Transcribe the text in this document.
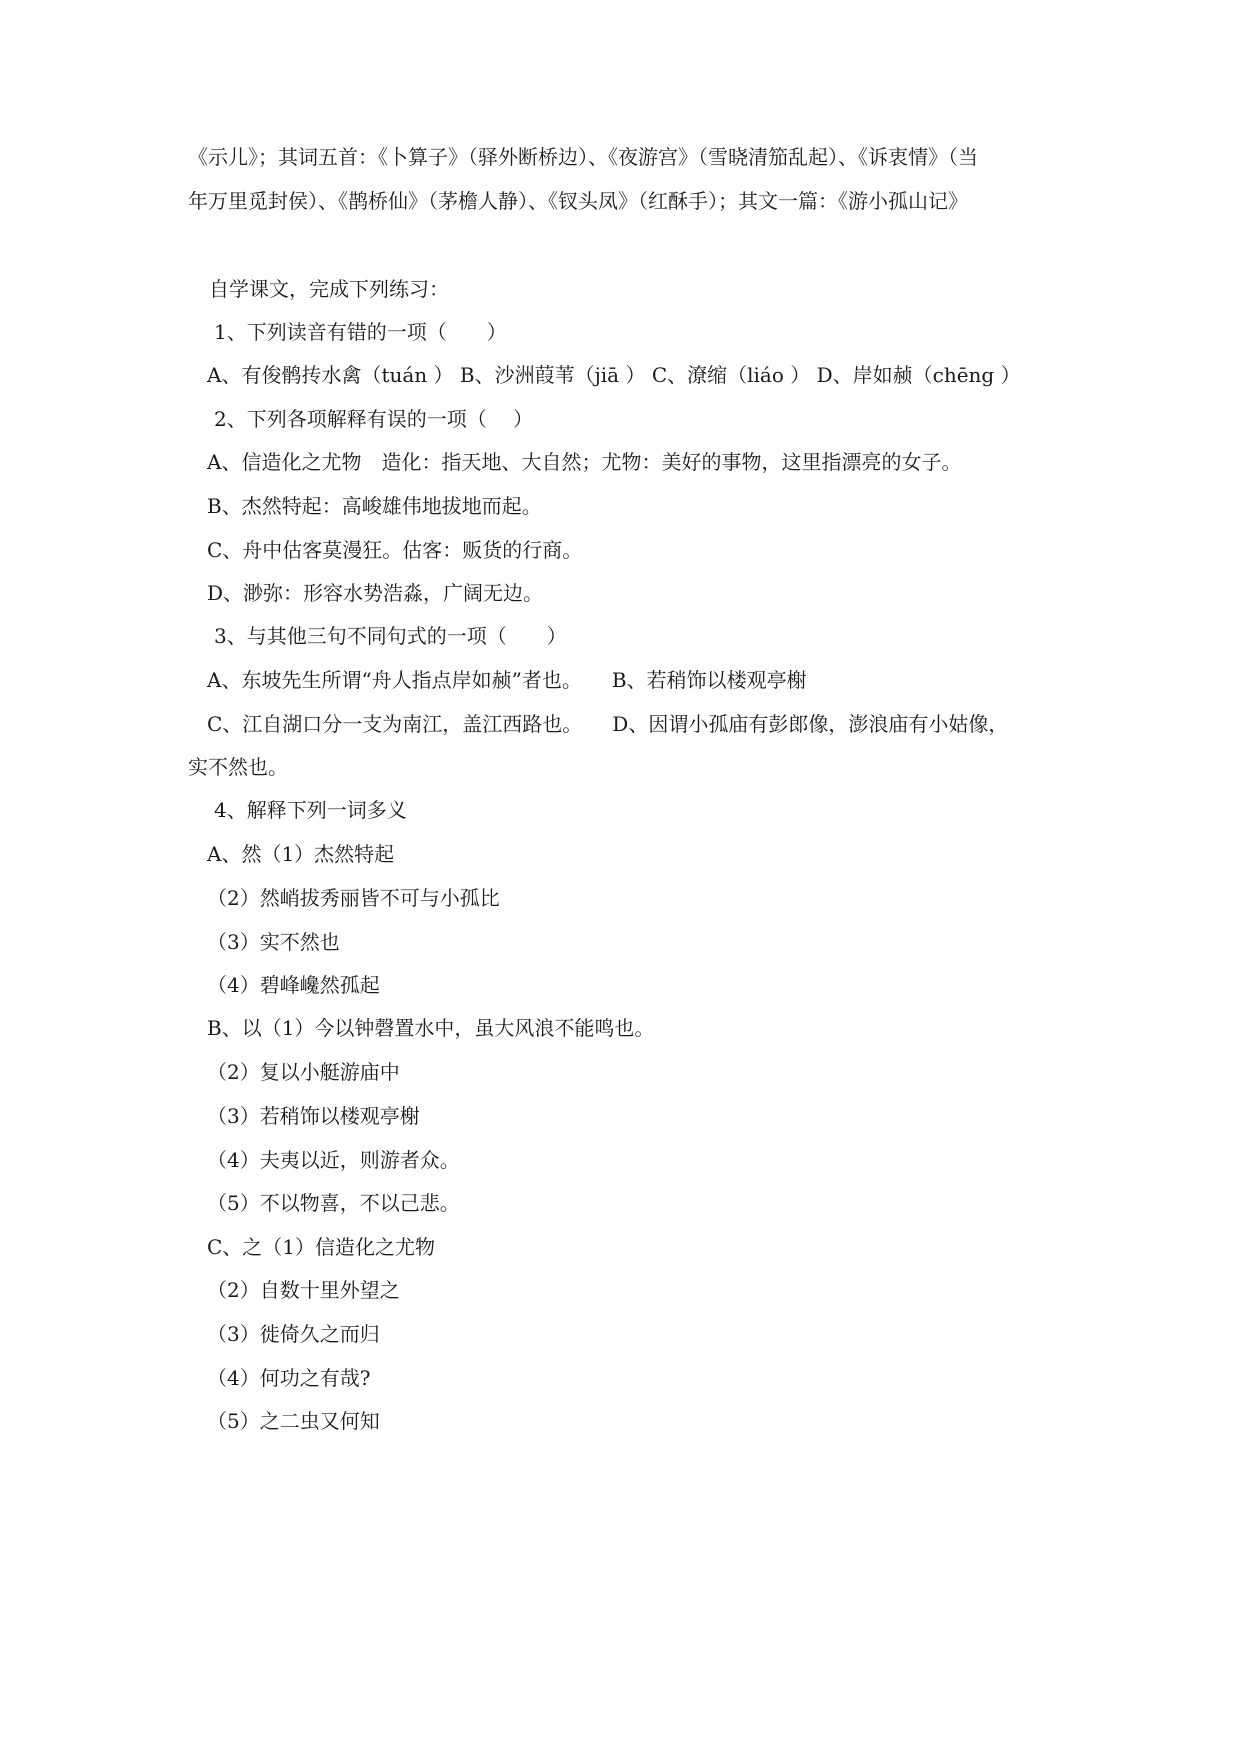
《示儿》；其词五首：《卜算子》（驿外断桥边）、《夜游宫》（雪晓清笳乱起）、《诉衷情》（当
年万里觅封侯）、《鹊桥仙》（茅檐人静）、《钗头凤》（红酥手）；其文一篇：《游小孤山记》
自学课文，完成下列练习：
1、下列读音有错的一项（　　）
A、有俊鹘抟水禽（tuán ） B、沙洲葭苇（jiā ） C、潦缩（liáo ） D、岸如赪（chēng ）
2、下列各项解释有误的一项（　 ）
A、信造化之尤物　造化：指天地、大自然；尤物：美好的事物，这里指漂亮的女子。
B、杰然特起：高峻雄伟地拔地而起。
C、舟中估客莫漫狂。估客：贩货的行商。
D、渺弥：形容水势浩淼，广阔无边。
3、与其他三句不同句式的一项（　　）
A、东坡先生所谓“舟人指点岸如赪”者也。　　B、若稍饰以楼观亭榭
C、江自湖口分一支为南江，盖江西路也。　　D、因谓小孤庙有彭郎像，澎浪庙有小姑像，
实不然也。
4、解释下列一词多义
A、然（1）杰然特起
（2）然峭拔秀丽皆不可与小孤比
（3）实不然也
（4）碧峰巉然孤起
B、以（1）今以钟磬置水中，虽大风浪不能鸣也。
（2）复以小艇游庙中
（3）若稍饰以楼观亭榭
（4）夫夷以近，则游者众。
（5）不以物喜，不以己悲。
C、之（1）信造化之尤物
（2）自数十里外望之
（3）徙倚久之而归
（4）何功之有哉?
（5）之二虫又何知
